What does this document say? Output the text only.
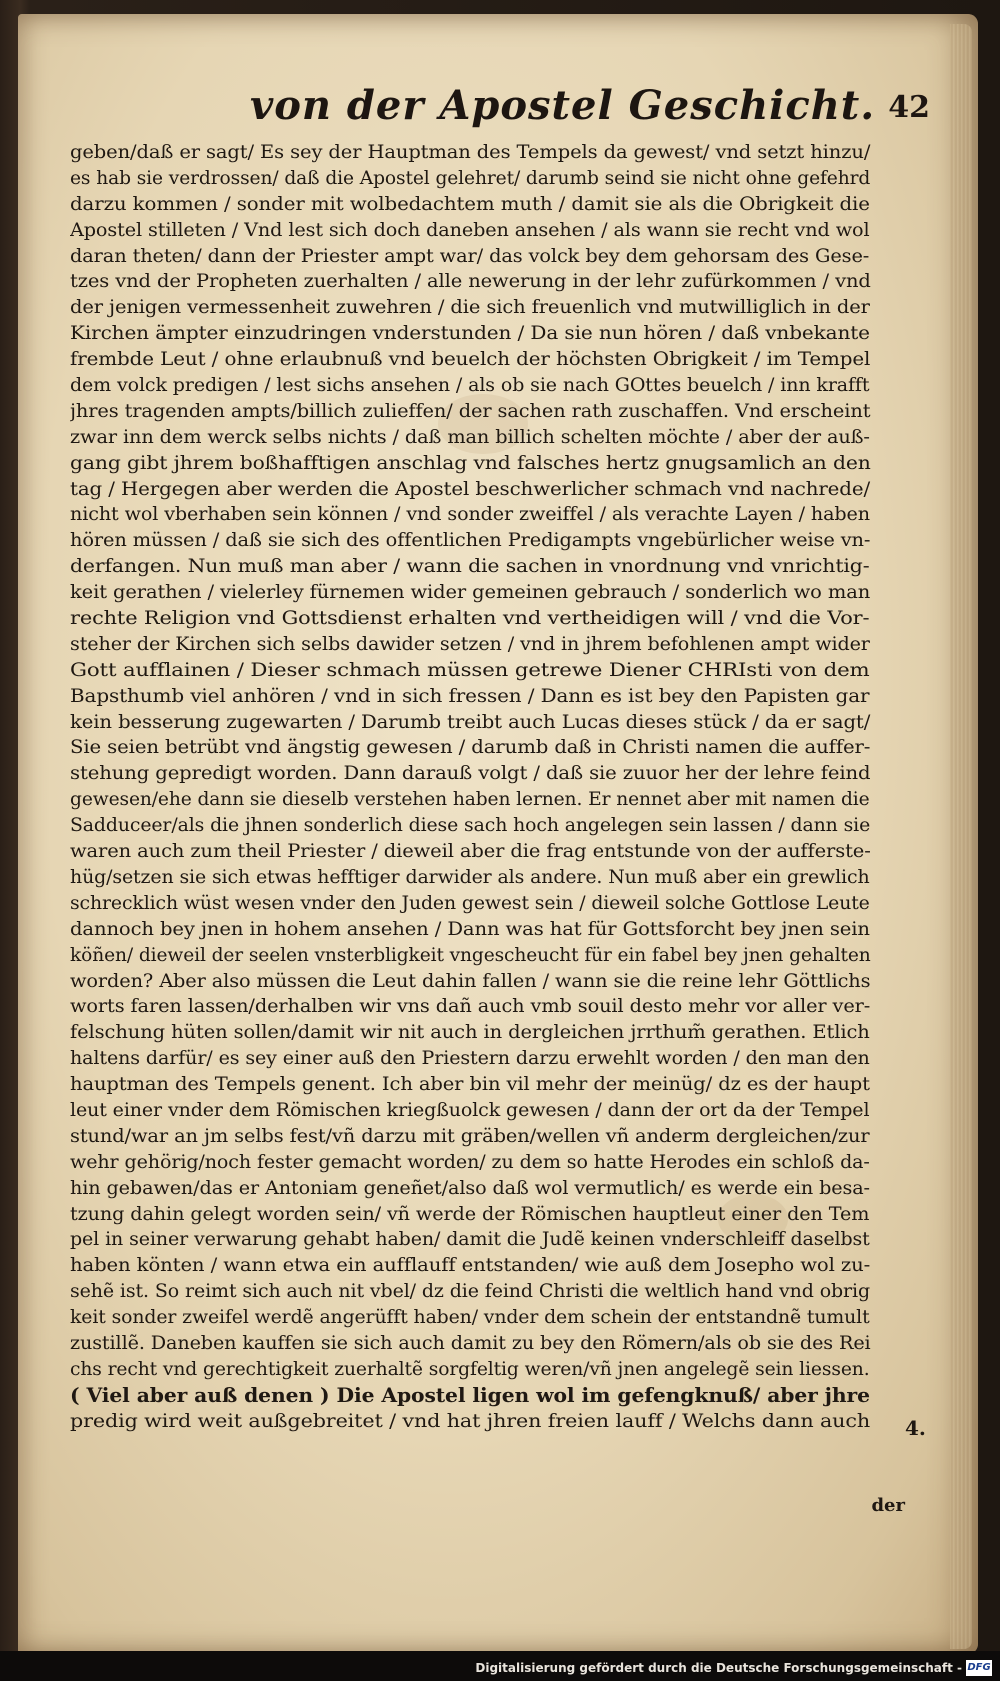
von der Apostel Geschicht. 42
geben/daß er sagt/ Es sey der Hauptman des Tempels da gewest/ vnd setzt hinzu/
es hab sie verdrossen/ daß die Apostel gelehret/ darumb seind sie nicht ohne gefehrd
darzu kommen / sonder mit wolbedachtem muth / damit sie als die Obrigkeit die
Apostel stilleten / Vnd lest sich doch daneben ansehen / als wann sie recht vnd wol
daran theten/ dann der Priester ampt war/ das volck bey dem gehorsam des Gese-
tzes vnd der Propheten zuerhalten / alle newerung in der lehr zufürkommen / vnd
der jenigen vermessenheit zuwehren / die sich freuenlich vnd mutwilliglich in der
Kirchen ämpter einzudringen vnderstunden / Da sie nun hören / daß vnbekante
frembde Leut / ohne erlaubnuß vnd beuelch der höchsten Obrigkeit / im Tempel
dem volck predigen / lest sichs ansehen / als ob sie nach GOttes beuelch / inn krafft
jhres tragenden ampts/billich zulieffen/ der sachen rath zuschaffen. Vnd erscheint
zwar inn dem werck selbs nichts / daß man billich schelten möchte / aber der auß-
gang gibt jhrem boßhafftigen anschlag vnd falsches hertz gnugsamlich an den
tag / Hergegen aber werden die Apostel beschwerlicher schmach vnd nachrede/
nicht wol vberhaben sein können / vnd sonder zweiffel / als verachte Layen / haben
hören müssen / daß sie sich des offentlichen Predigampts vngebürlicher weise vn-
derfangen. Nun muß man aber / wann die sachen in vnordnung vnd vnrichtig-
keit gerathen / vielerley fürnemen wider gemeinen gebrauch / sonderlich wo man
rechte Religion vnd Gottsdienst erhalten vnd vertheidigen will / vnd die Vor-
steher der Kirchen sich selbs dawider setzen / vnd in jhrem befohlenen ampt wider
Gott aufflainen / Dieser schmach müssen getrewe Diener CHRIsti von dem
Bapsthumb viel anhören / vnd in sich fressen / Dann es ist bey den Papisten gar
kein besserung zugewarten / Darumb treibt auch Lucas dieses stück / da er sagt/
Sie seien betrübt vnd ängstig gewesen / darumb daß in Christi namen die auffer-
stehung gepredigt worden. Dann darauß volgt / daß sie zuuor her der lehre feind
gewesen/ehe dann sie dieselb verstehen haben lernen. Er nennet aber mit namen die
Sadduceer/als die jhnen sonderlich diese sach hoch angelegen sein lassen / dann sie
waren auch zum theil Priester / dieweil aber die frag entstunde von der aufferste-
hüg/setzen sie sich etwas hefftiger darwider als andere. Nun muß aber ein grewlich
schrecklich wüst wesen vnder den Juden gewest sein / dieweil solche Gottlose Leute
dannoch bey jnen in hohem ansehen / Dann was hat für Gottsforcht bey jnen sein
köñen/ dieweil der seelen vnsterbligkeit vngescheucht für ein fabel bey jnen gehalten
worden? Aber also müssen die Leut dahin fallen / wann sie die reine lehr Göttlichs
worts faren lassen/derhalben wir vns dañ auch vmb souil desto mehr vor aller ver-
felschung hüten sollen/damit wir nit auch in dergleichen jrrthum̃ gerathen. Etlich
haltens darfür/ es sey einer auß den Priestern darzu erwehlt worden / den man den
hauptman des Tempels genent. Ich aber bin vil mehr der meinüg/ dz es der haupt
leut einer vnder dem Römischen kriegßuolck gewesen / dann der ort da der Tempel
stund/war an jm selbs fest/vñ darzu mit gräben/wellen vñ anderm dergleichen/zur
wehr gehörig/noch fester gemacht worden/ zu dem so hatte Herodes ein schloß da-
hin gebawen/das er Antoniam geneñet/also daß wol vermutlich/ es werde ein besa-
tzung dahin gelegt worden sein/ vñ werde der Römischen hauptleut einer den Tem
pel in seiner verwarung gehabt haben/ damit die Judẽ keinen vnderschleiff daselbst
haben könten / wann etwa ein aufflauff entstanden/ wie auß dem Josepho wol zu-
sehẽ ist. So reimt sich auch nit vbel/ dz die feind Christi die weltlich hand vnd obrig
keit sonder zweifel werdẽ angerüfft haben/ vnder dem schein der entstandnẽ tumult
zustillẽ. Daneben kauffen sie sich auch damit zu bey den Römern/als ob sie des Rei
chs recht vnd gerechtigkeit zuerhaltẽ sorgfeltig weren/vñ jnen angelegẽ sein liessen.
( Viel aber auß denen ) Die Apostel ligen wol im gefengknuß/ aber jhre
predig wird weit außgebreitet / vnd hat jhren freien lauff / Welchs dann auch	4.
der
Digitalisierung gefördert durch die Deutsche Forschungsgemeinschaft - DFG
